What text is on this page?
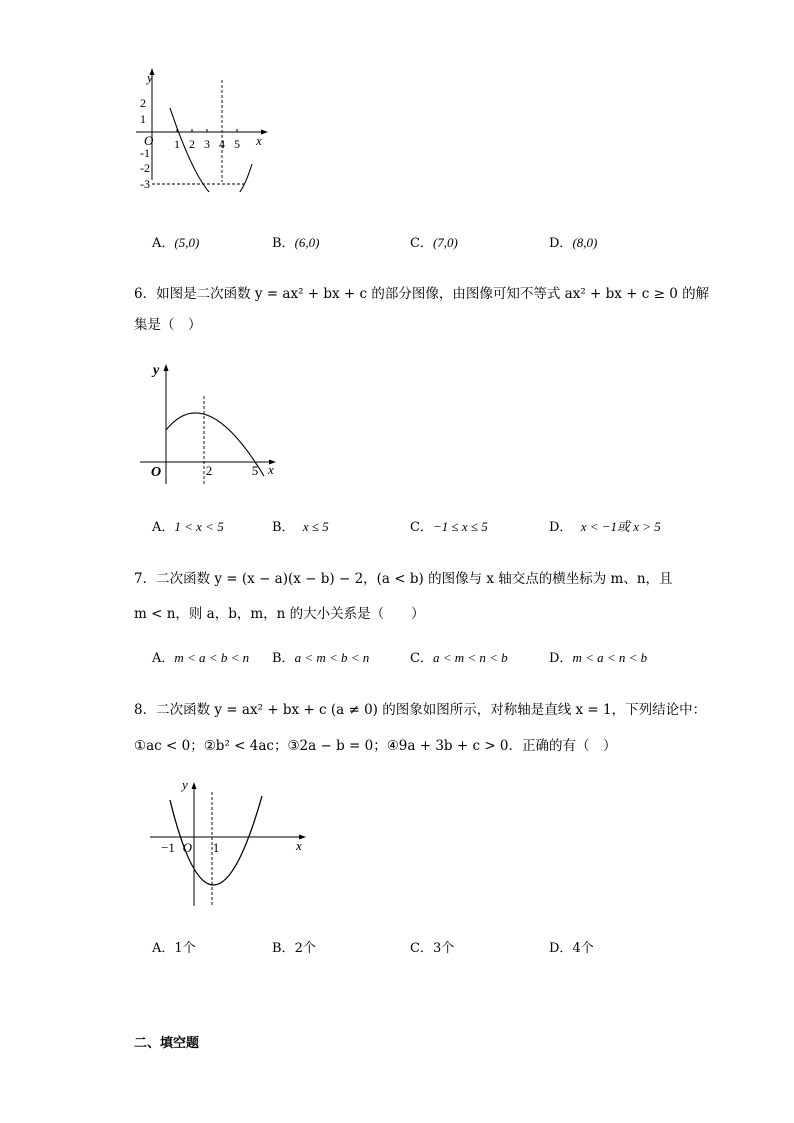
y
x
O
2
1
-1
-2
-3
1 2 3 4 5
A．(5,0)	B．(6,0)	C．(7,0)	D．(8,0)
6．如图是二次函数 y = ax² + bx + c 的部分图像，由图像可知不等式 ax² + bx + c ≥ 0 的解
集是（　）
y
x
O	2	5
A．1 < x < 5	B． x ≤ 5	C．−1 ≤ x ≤ 5	D． x < −1或 x > 5
7．二次函数 y = (x − a)(x − b) − 2，(a < b) 的图像与 x 轴交点的横坐标为 m、n，且
m < n，则 a，b，m，n 的大小关系是（　　）
A．m < a < b < n B．a < m < b < n	C．a < m < n < b	D．m < a < n < b
8．二次函数 y = ax² + bx + c (a ≠ 0) 的图象如图所示，对称轴是直线 x = 1，下列结论中：
①ac < 0；②b² < 4ac；③2a − b = 0；④9a + 3b + c > 0．正确的有（　）
y
x
O
−1	1
A．1个	B．2个	C．3个	D．4个
二、填空题
